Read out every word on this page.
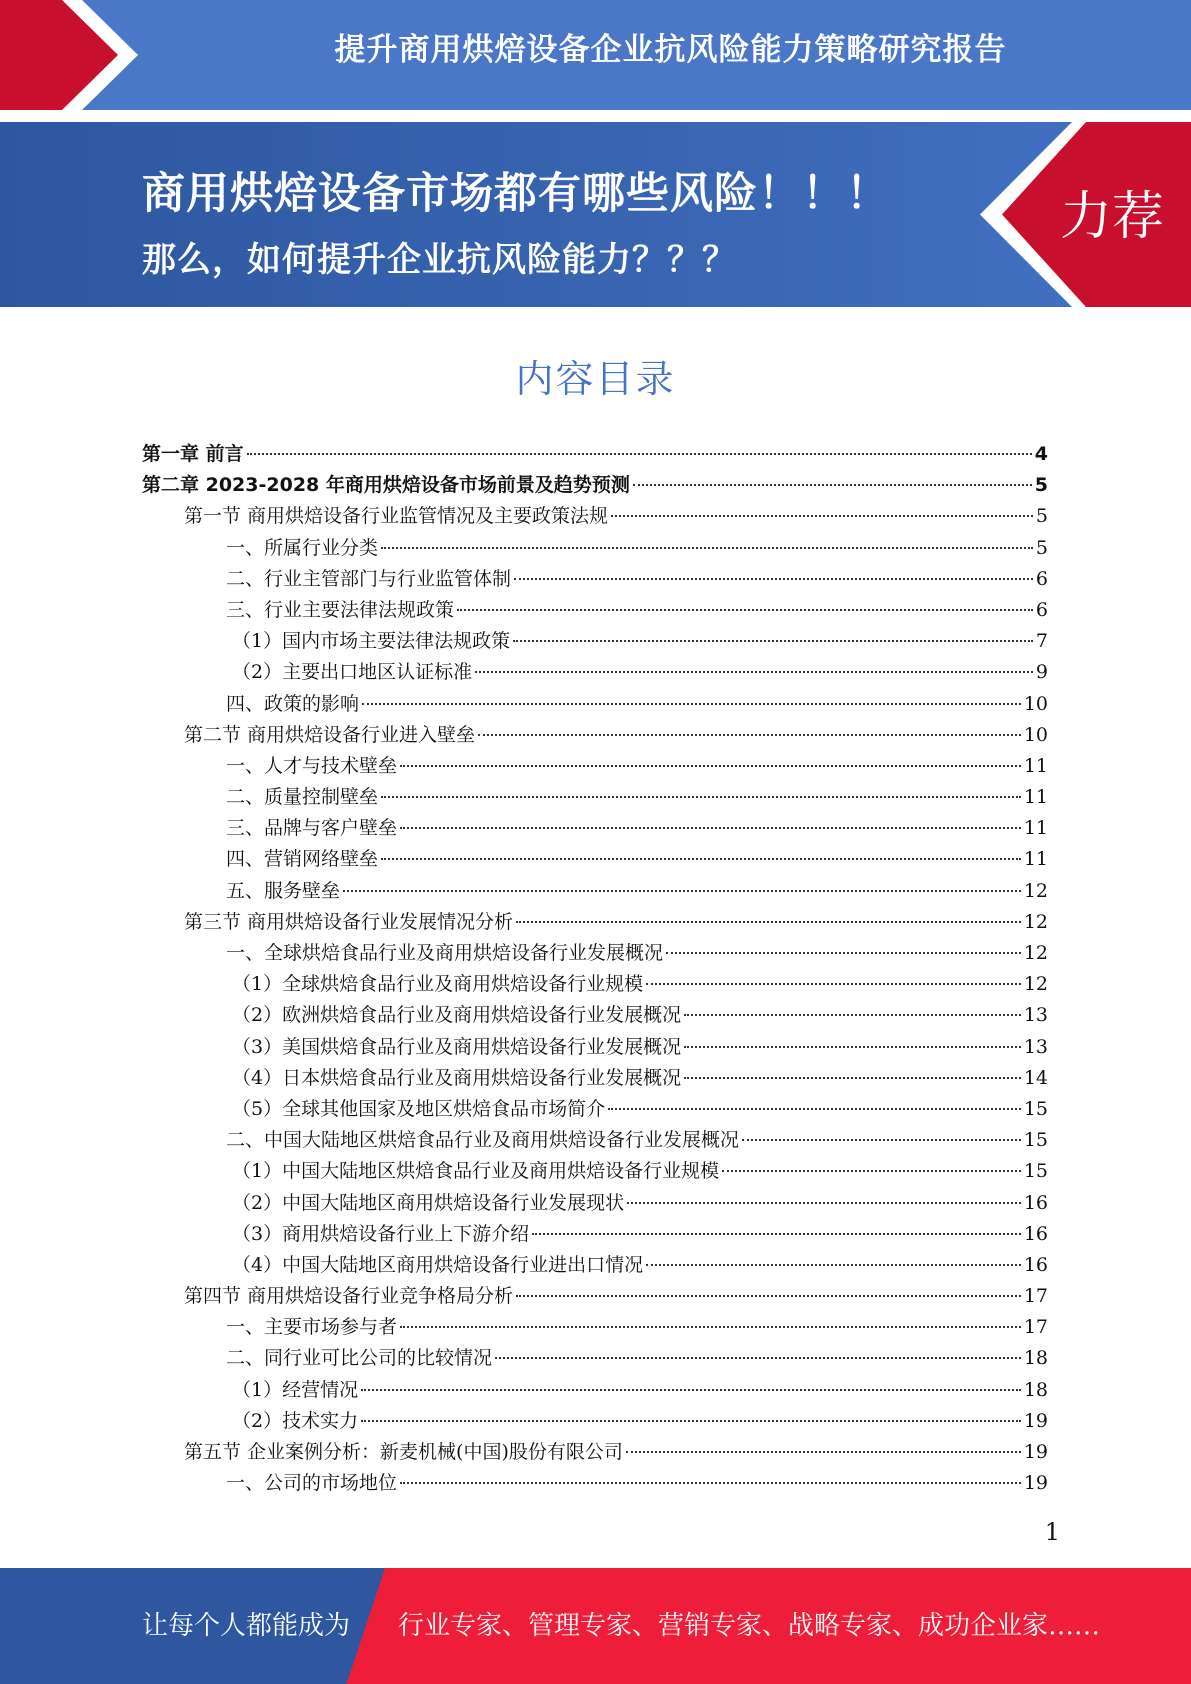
提升商用烘焙设备企业抗风险能力策略研究报告
商用烘焙设备市场都有哪些风险！！！
那么，如何提升企业抗风险能力？？？
力荐
内容目录
第一章 前言	4
第二章 2023-2028 年商用烘焙设备市场前景及趋势预测	5
第一节 商用烘焙设备行业监管情况及主要政策法规	5
一、所属行业分类	5
二、行业主管部门与行业监管体制	6
三、行业主要法律法规政策	6
（1）国内市场主要法律法规政策	7
（2）主要出口地区认证标准	9
四、政策的影响	10
第二节 商用烘焙设备行业进入壁垒	10
一、人才与技术壁垒	11
二、质量控制壁垒	11
三、品牌与客户壁垒	11
四、营销网络壁垒	11
五、服务壁垒	12
第三节 商用烘焙设备行业发展情况分析	12
一、全球烘焙食品行业及商用烘焙设备行业发展概况	12
（1）全球烘焙食品行业及商用烘焙设备行业规模	12
（2）欧洲烘焙食品行业及商用烘焙设备行业发展概况	13
（3）美国烘焙食品行业及商用烘焙设备行业发展概况	13
（4）日本烘焙食品行业及商用烘焙设备行业发展概况	14
（5）全球其他国家及地区烘焙食品市场简介	15
二、中国大陆地区烘焙食品行业及商用烘焙设备行业发展概况	15
（1）中国大陆地区烘焙食品行业及商用烘焙设备行业规模	15
（2）中国大陆地区商用烘焙设备行业发展现状	16
（3）商用烘焙设备行业上下游介绍	16
（4）中国大陆地区商用烘焙设备行业进出口情况	16
第四节 商用烘焙设备行业竞争格局分析	17
一、主要市场参与者	17
二、同行业可比公司的比较情况	18
（1）经营情况	18
（2）技术实力	19
第五节 企业案例分析：新麦机械(中国)股份有限公司	19
一、公司的市场地位	19
1
让每个人都能成为 行业专家、管理专家、营销专家、战略专家、成功企业家……
